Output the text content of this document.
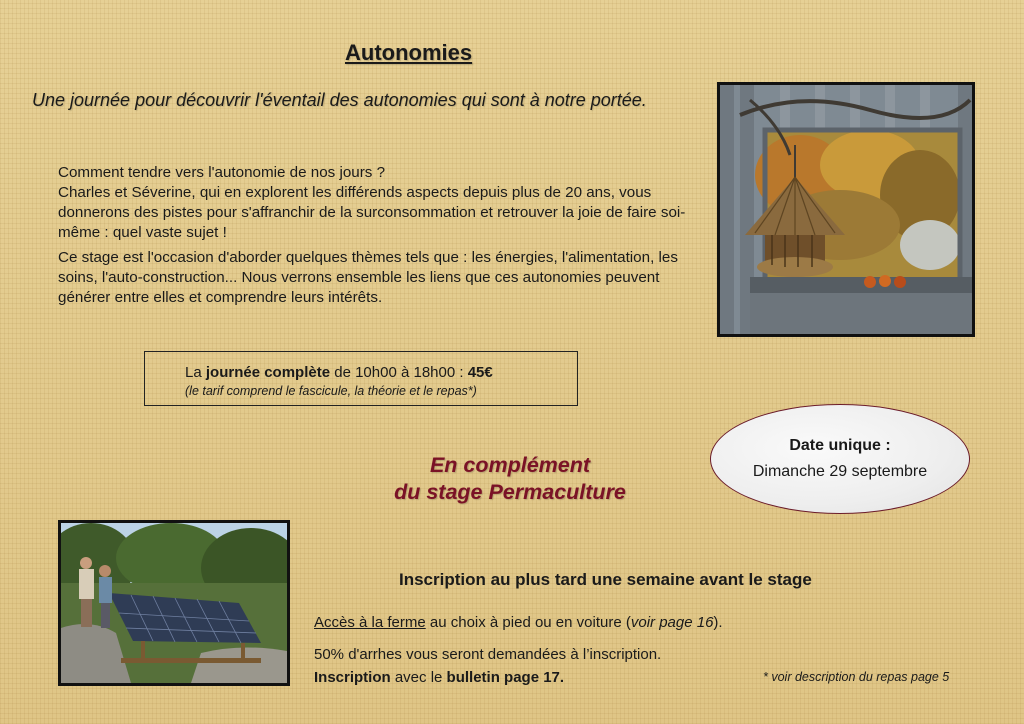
Autonomies
Une journée pour découvrir l'éventail des autonomies qui sont à notre portée.

Comment tendre vers l'autonomie de nos jours ?
Charles et Séverine, qui en explorent les différends aspects depuis plus de 20 ans, vous donnerons des pistes pour s'affranchir de la surconsommation et retrouver la joie de faire soi-même : quel vaste sujet !

Ce stage est l'occasion d'aborder quelques thèmes tels que : les énergies, l'alimentation, les soins, l'auto-construction... Nous verrons ensemble les liens que ces autonomies peuvent générer entre elles et comprendre leurs intérêts.

La journée complète de 10h00 à 18h00 : 45€
(le tarif comprend le fascicule, la théorie et le repas*)
Date unique :
Dimanche 29 septembre
En complément
du stage Permaculture
Inscription au plus tard une semaine avant le stage
Accès à la ferme au choix à pied ou en voiture (voir page 16).
50% d'arrhes vous seront demandées à l’inscription.
Inscription avec le bulletin page 17.	* voir description du repas page 5
